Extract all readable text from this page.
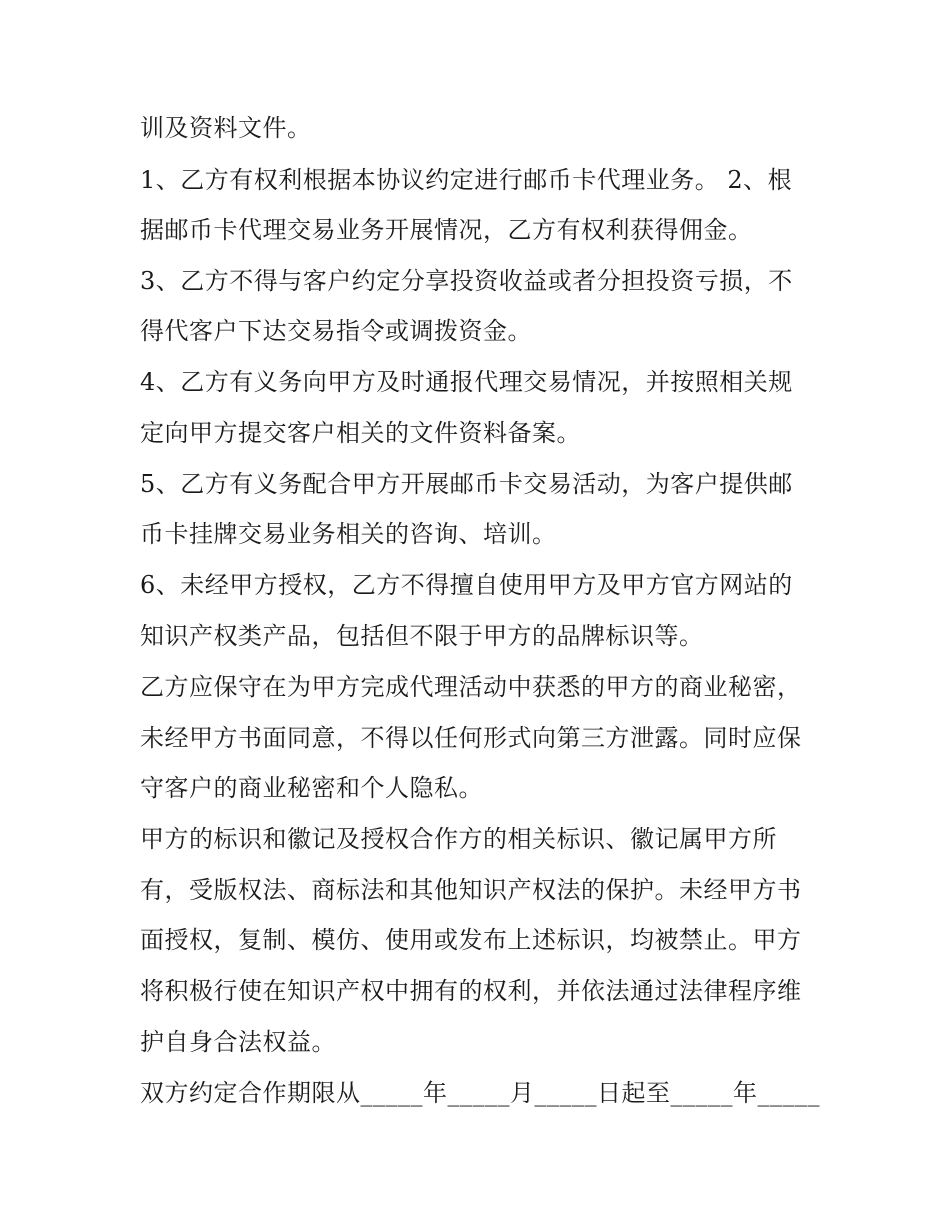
训及资料文件。
1、乙方有权利根据本协议约定进行邮币卡代理业务。 2、根
据邮币卡代理交易业务开展情况，乙方有权利获得佣金。
3、乙方不得与客户约定分享投资收益或者分担投资亏损，不
得代客户下达交易指令或调拨资金。
4、乙方有义务向甲方及时通报代理交易情况，并按照相关规
定向甲方提交客户相关的文件资料备案。
5、乙方有义务配合甲方开展邮币卡交易活动，为客户提供邮
币卡挂牌交易业务相关的咨询、培训。
6、未经甲方授权，乙方不得擅自使用甲方及甲方官方网站的
知识产权类产品，包括但不限于甲方的品牌标识等。
乙方应保守在为甲方完成代理活动中获悉的甲方的商业秘密，
未经甲方书面同意，不得以任何形式向第三方泄露。同时应保
守客户的商业秘密和个人隐私。
甲方的标识和徽记及授权合作方的相关标识、徽记属甲方所
有，受版权法、商标法和其他知识产权法的保护。未经甲方书
面授权，复制、模仿、使用或发布上述标识，均被禁止。甲方
将积极行使在知识产权中拥有的权利，并依法通过法律程序维
护自身合法权益。
双方约定合作期限从_____年_____月_____日起至_____年_____
